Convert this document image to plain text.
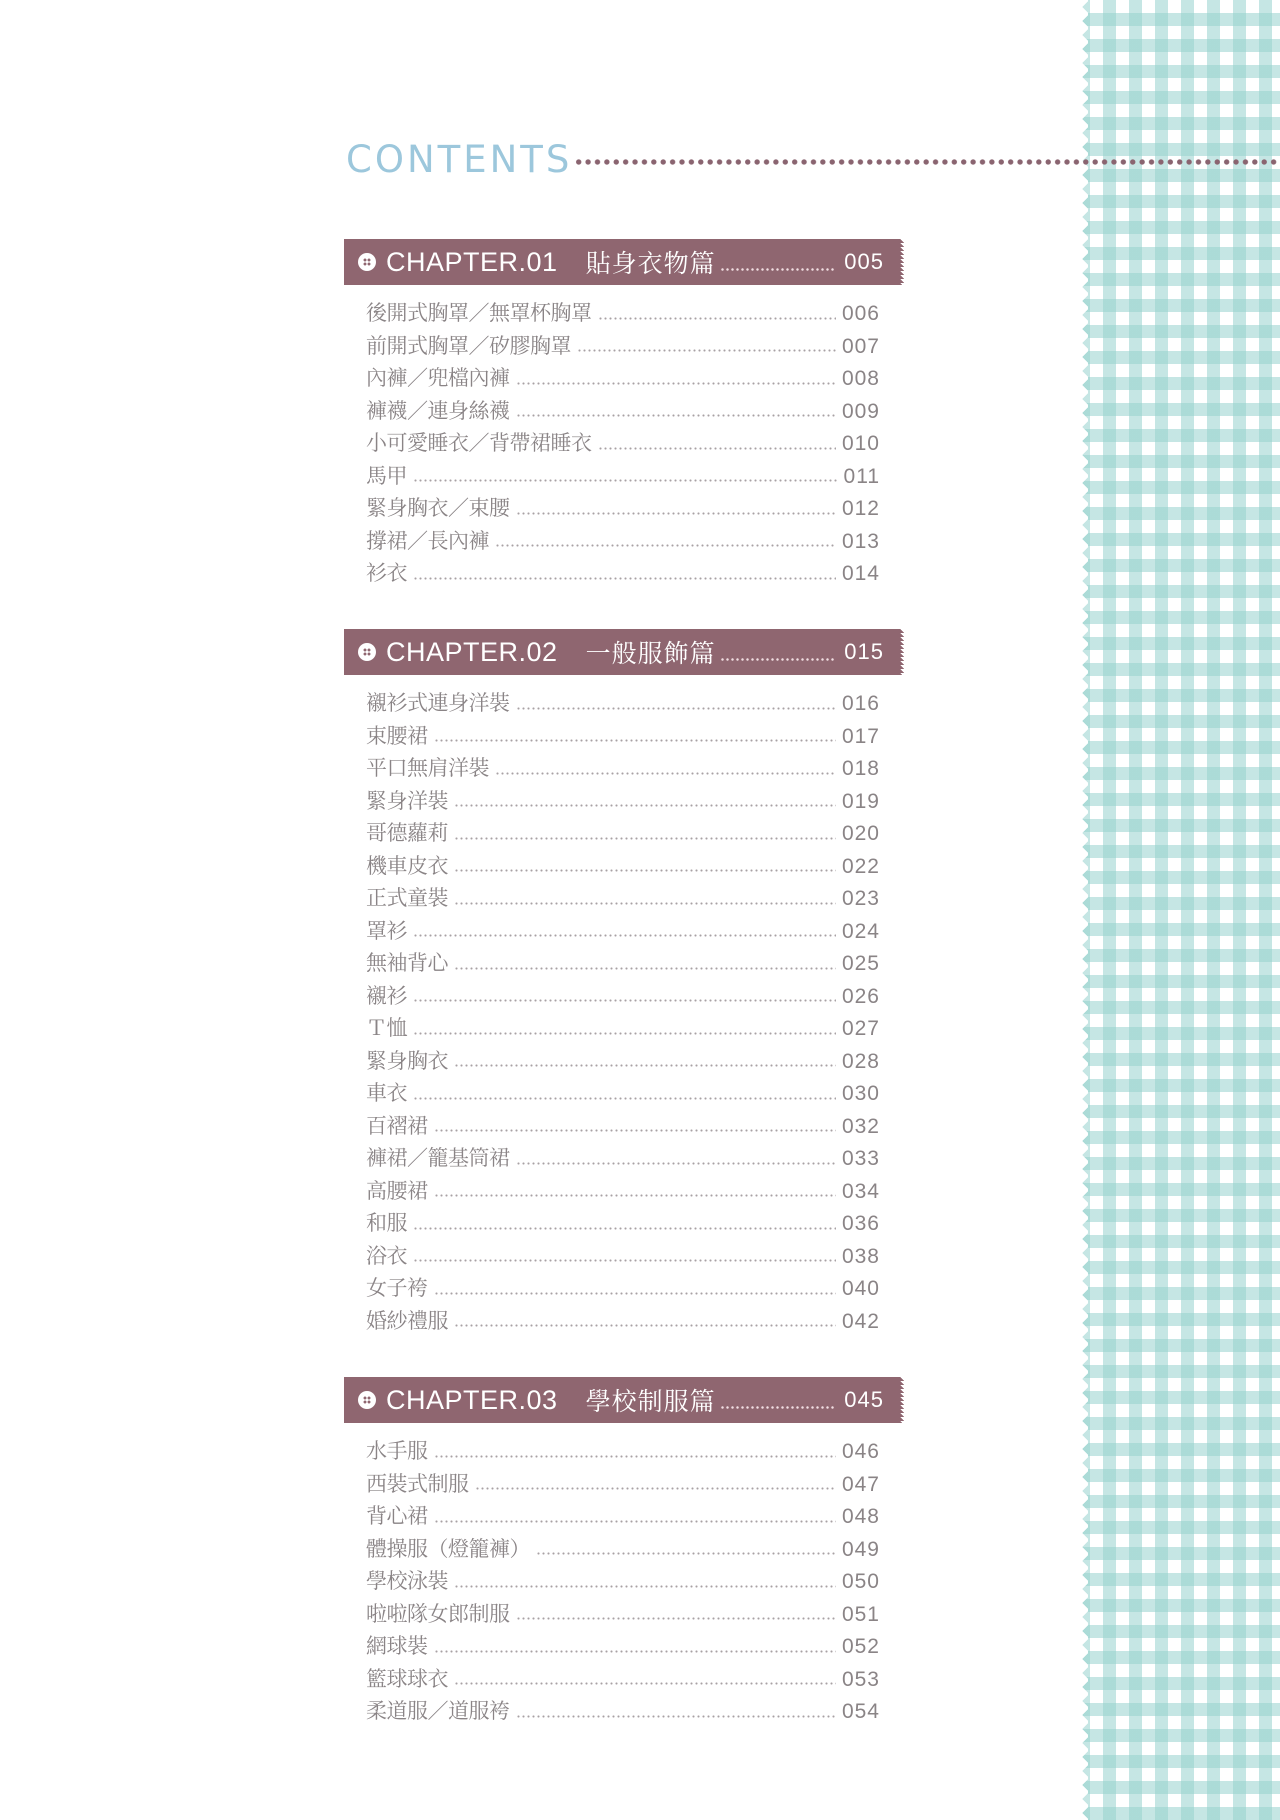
CONTENTS
CHAPTER.01 貼身衣物篇	005
後開式胸罩／無罩杯胸罩	006
前開式胸罩／矽膠胸罩	007
內褲／兜檔內褲	008
褲襪／連身絲襪	009
小可愛睡衣／背帶裙睡衣	010
馬甲	011
緊身胸衣／束腰	012
撐裙／長內褲	013
衫衣	014
CHAPTER.02 一般服飾篇	015
襯衫式連身洋裝	016
束腰裙	017
平口無肩洋裝	018
緊身洋裝	019
哥德蘿莉	020
機車皮衣	022
正式童裝	023
罩衫	024
無袖背心	025
襯衫	026
Ｔ恤	027
緊身胸衣	028
車衣	030
百褶裙	032
褲裙／籠基筒裙	033
高腰裙	034
和服	036
浴衣	038
女子袴	040
婚紗禮服	042
CHAPTER.03 學校制服篇	045
水手服	046
西裝式制服	047
背心裙	048
體操服（燈籠褲）	049
學校泳裝	050
啦啦隊女郎制服	051
網球裝	052
籃球球衣	053
柔道服／道服袴	054
